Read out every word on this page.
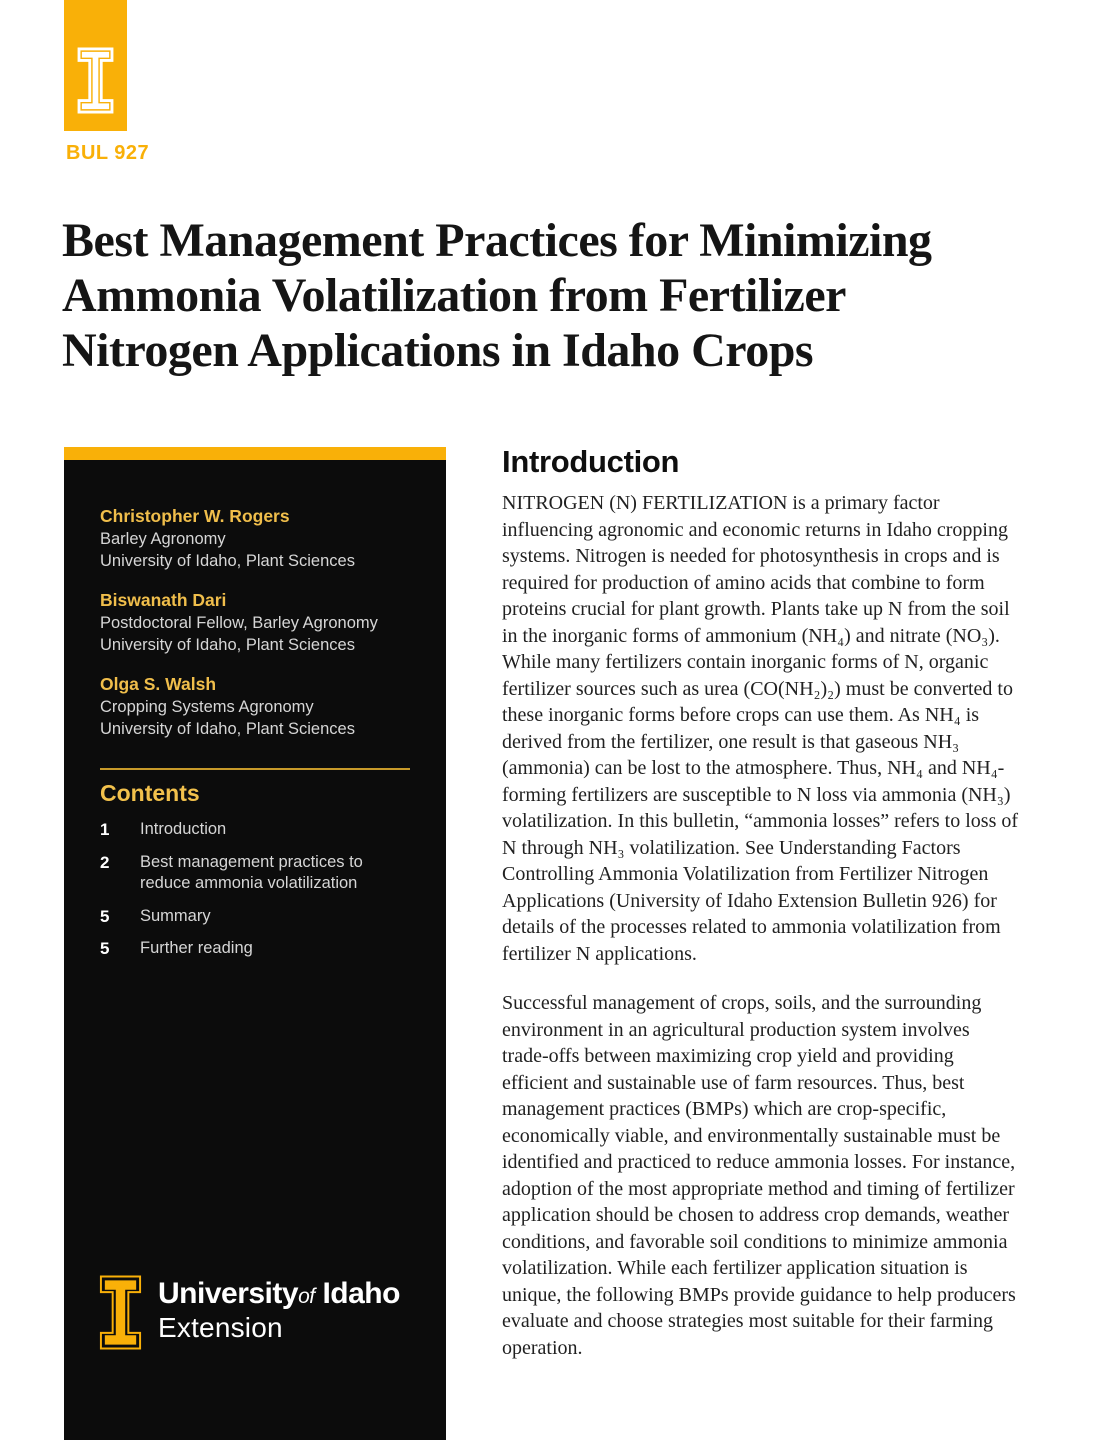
BUL 927
Best Management Practices for Minimizing
Ammonia Volatilization from Fertilizer
Nitrogen Applications in Idaho Crops
Christopher W. Rogers
Barley Agronomy
University of Idaho, Plant Sciences
Biswanath Dari
Postdoctoral Fellow, Barley Agronomy
University of Idaho, Plant Sciences
Olga S. Walsh
Cropping Systems Agronomy
University of Idaho, Plant Sciences
Contents
1	Introduction
2	Best management practices to reduce ammonia volatilization
5	Summary
5	Further reading
Universityof Idaho
Extension
Introduction

NITROGEN (N) FERTILIZATION is a primary factor influencing agronomic and economic returns in Idaho cropping systems. Nitrogen is needed for photosynthesis in crops and is required for production of amino acids that combine to form proteins crucial for plant growth. Plants take up N from the soil in the inorganic forms of ammonium (NH₄) and nitrate (NO₃). While many fertilizers contain inorganic forms of N, organic fertilizer sources such as urea (CO(NH₂)₂) must be converted to these inorganic forms before crops can use them. As NH₄ is derived from the fertilizer, one result is that gaseous NH₃ (ammonia) can be lost to the atmosphere. Thus, NH₄ and NH₄-forming fertilizers are susceptible to N loss via ammonia (NH₃) volatilization. In this bulletin, “ammonia losses” refers to loss of N through NH₃ volatilization. See Understanding Factors Controlling Ammonia Volatilization from Fertilizer Nitrogen Applications (University of Idaho Extension Bulletin 926) for details of the processes related to ammonia volatilization from fertilizer N applications.

Successful management of crops, soils, and the surrounding environment in an agricultural production system involves trade-offs between maximizing crop yield and providing efficient and sustainable use of farm resources. Thus, best management practices (BMPs) which are crop-specific, economically viable, and environmentally sustainable must be identified and practiced to reduce ammonia losses. For instance, adoption of the most appropriate method and timing of fertilizer application should be chosen to address crop demands, weather conditions, and favorable soil conditions to minimize ammonia volatilization. While each fertilizer application situation is unique, the following BMPs provide guidance to help producers evaluate and choose strategies most suitable for their farming operation.
